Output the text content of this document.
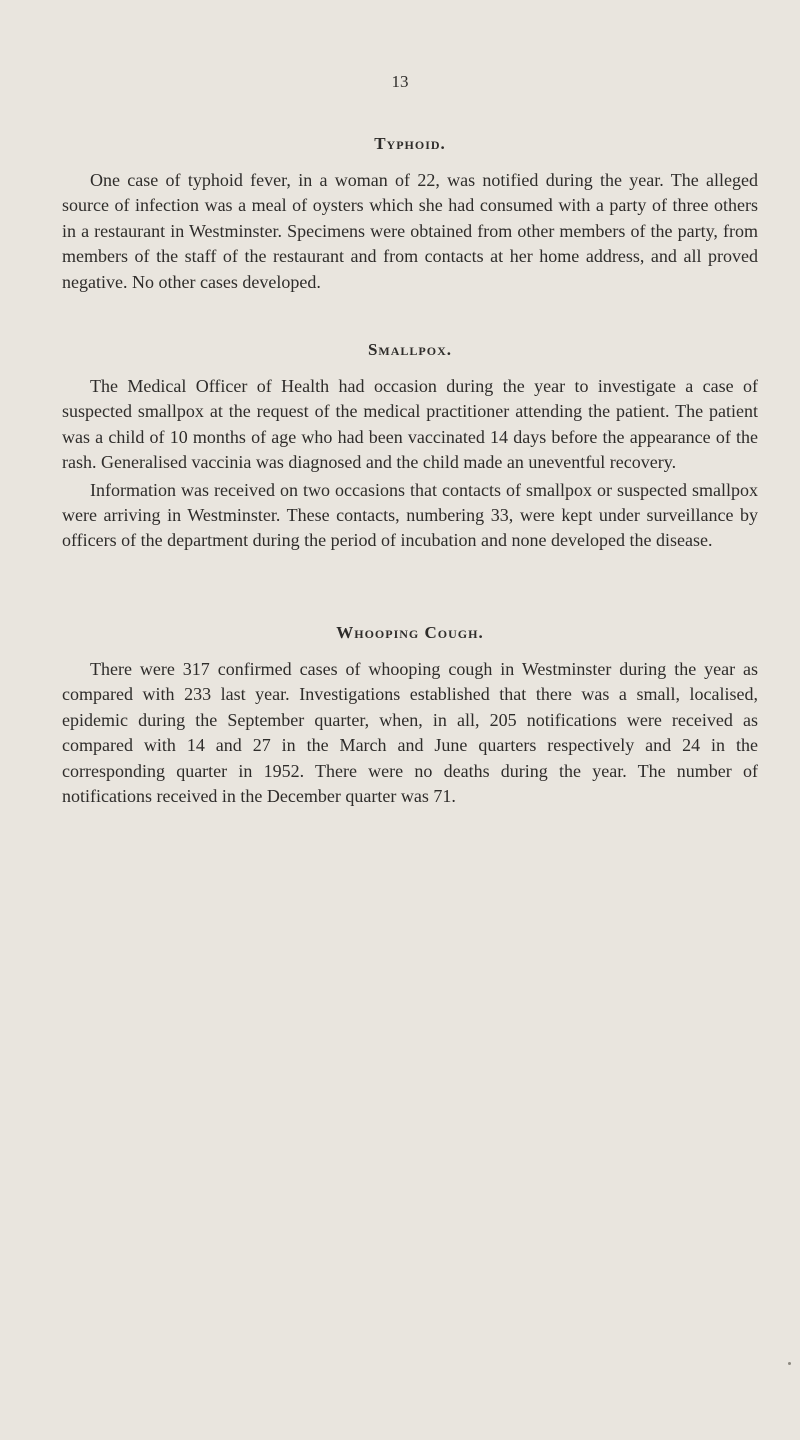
13
Typhoid.

One case of typhoid fever, in a woman of 22, was notified during the year. The alleged source of infection was a meal of oysters which she had consumed with a party of three others in a restaurant in Westminster. Specimens were obtained from other members of the party, from members of the staff of the restaurant and from contacts at her home address, and all proved negative. No other cases developed.

Smallpox.

The Medical Officer of Health had occasion during the year to investigate a case of suspected smallpox at the request of the medical practitioner attending the patient. The patient was a child of 10 months of age who had been vaccinated 14 days before the appearance of the rash. Generalised vaccinia was diagnosed and the child made an uneventful recovery.

Information was received on two occasions that contacts of smallpox or suspected smallpox were arriving in Westminster. These contacts, numbering 33, were kept under surveillance by officers of the department during the period of incubation and none developed the disease.

Whooping Cough.

There were 317 confirmed cases of whooping cough in Westminster during the year as compared with 233 last year. Investigations established that there was a small, localised, epidemic during the September quarter, when, in all, 205 notifications were received as compared with 14 and 27 in the March and June quarters respectively and 24 in the corresponding quarter in 1952. There were no deaths during the year. The number of notifications received in the December quarter was 71.
